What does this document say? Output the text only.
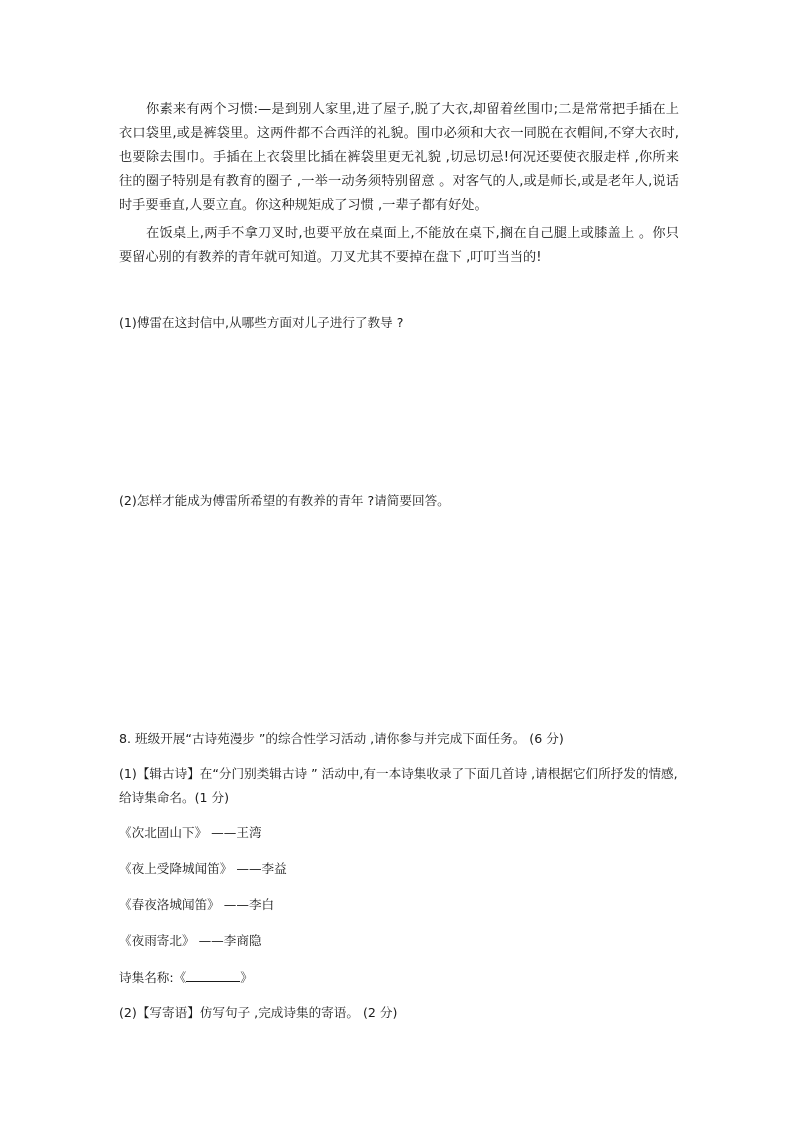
你素来有两个习惯:—是到别人家里,进了屋子,脱了大衣,却留着丝围巾;二是常常把手插在上衣口袋里,或是裤袋里。这两件都不合西洋的礼貌。围巾必须和大衣一同脱在衣帽间,不穿大衣时,也要除去围巾。手插在上衣袋里比插在裤袋里更无礼貌 ,切忌切忌!何况还要使衣服走样 ,你所来往的圈子特别是有教育的圈子 ,一举一动务须特别留意 。对客气的人,或是师长,或是老年人,说话时手要垂直,人要立直。你这种规矩成了习惯 ,一辈子都有好处。

在饭桌上,两手不拿刀叉时,也要平放在桌面上,不能放在桌下,搁在自己腿上或膝盖上 。你只要留心别的有教养的青年就可知道。刀叉尤其不要掉在盘下 ,叮叮当当的!

(1)傅雷在这封信中,从哪些方面对儿子进行了教导 ?

(2)怎样才能成为傅雷所希望的有教养的青年 ?请简要回答。

8. 班级开展“古诗苑漫步 ”的综合性学习活动 ,请你参与并完成下面任务。 (6 分)

(1)【辑古诗】在“分门别类辑古诗 ” 活动中,有一本诗集收录了下面几首诗 ,请根据它们所抒发的情感,给诗集命名。(1 分)

《次北固山下》 ——王湾

《夜上受降城闻笛》 ——李益

《春夜洛城闻笛》 ——李白

《夜雨寄北》 ——李商隐

诗集名称:《	》

(2)【写寄语】仿写句子 ,完成诗集的寄语。 (2 分)
